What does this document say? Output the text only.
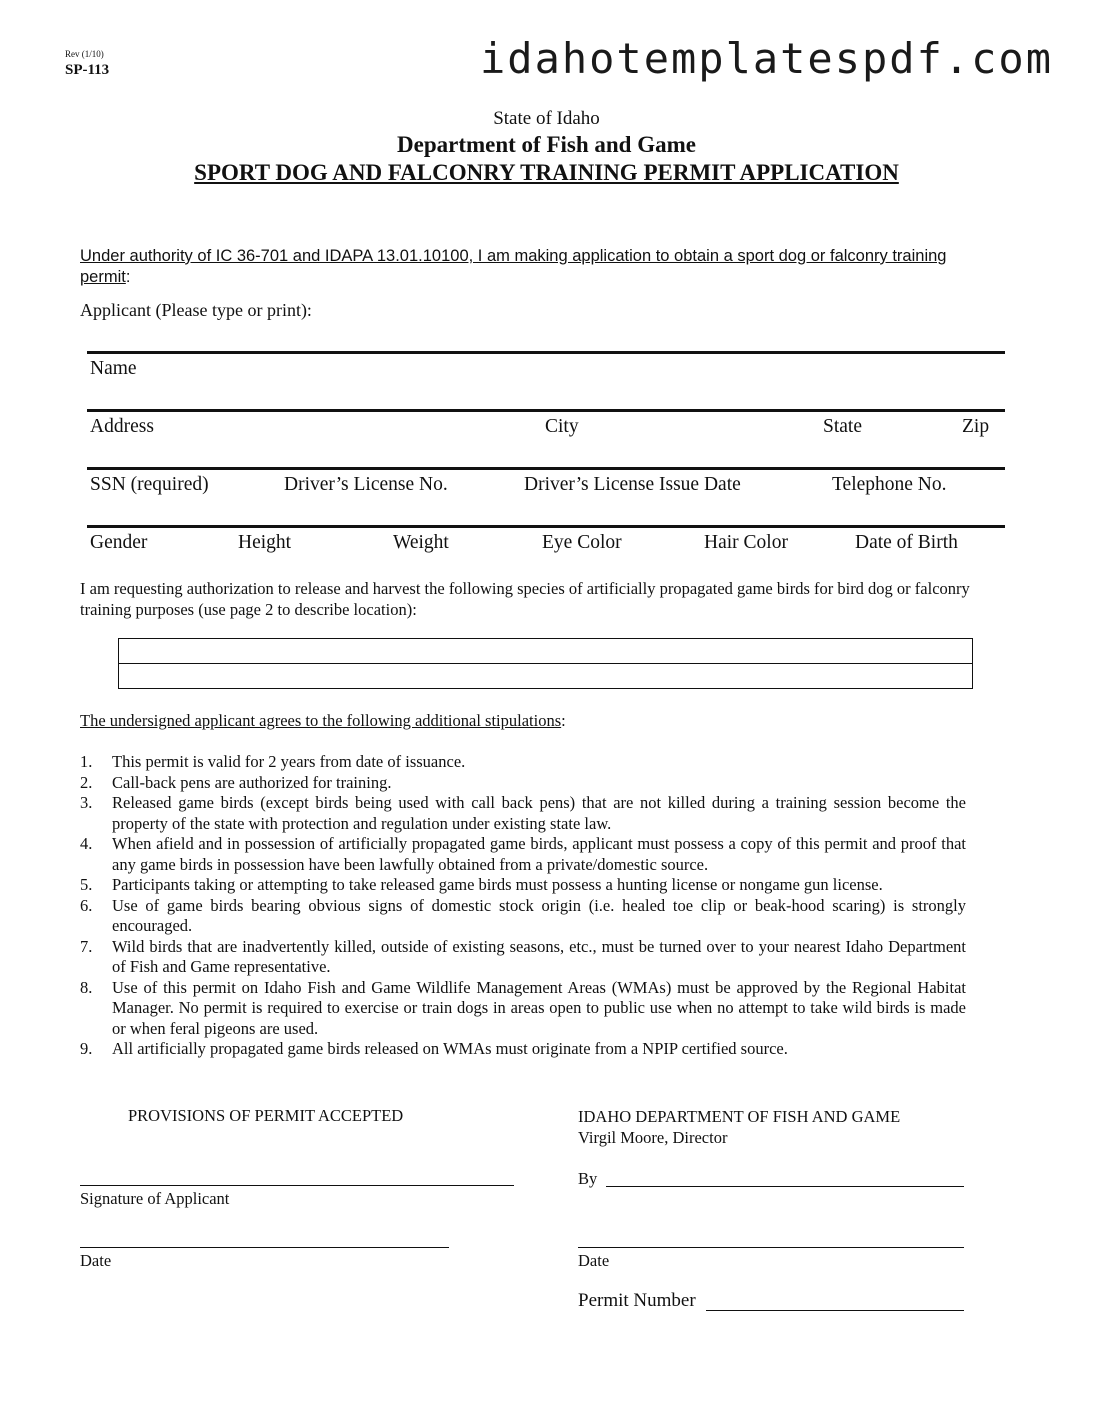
Rev (1/10)
SP-113	idahotemplatespdf.com
State of Idaho
Department of Fish and Game
SPORT DOG AND FALCONRY TRAINING PERMIT APPLICATION
Under authority of IC 36-701 and IDAPA 13.01.10100, I am making application to obtain a sport dog or falconry training permit:
Applicant (Please type or print):
Name
Address	City	State	Zip
SSN (required)	Driver’s License No.	Driver’s License Issue Date	Telephone No.
Gender	Height	Weight	Eye Color	Hair Color	Date of Birth
I am requesting authorization to release and harvest the following species of artificially propagated game birds for bird dog or falconry training purposes (use page 2 to describe location):
The undersigned applicant agrees to the following additional stipulations:
1. This permit is valid for 2 years from date of issuance.
2. Call-back pens are authorized for training.
3. Released game birds (except birds being used with call back pens) that are not killed during a training session become the property of the state with protection and regulation under existing state law.
4. When afield and in possession of artificially propagated game birds, applicant must possess a copy of this permit and proof that any game birds in possession have been lawfully obtained from a private/domestic source.
5. Participants taking or attempting to take released game birds must possess a hunting license or nongame gun license.
6. Use of game birds bearing obvious signs of domestic stock origin (i.e. healed toe clip or beak-hood scaring) is strongly encouraged.
7. Wild birds that are inadvertently killed, outside of existing seasons, etc., must be turned over to your nearest Idaho Department of Fish and Game representative.
8. Use of this permit on Idaho Fish and Game Wildlife Management Areas (WMAs) must be approved by the Regional Habitat Manager. No permit is required to exercise or train dogs in areas open to public use when no attempt to take wild birds is made or when feral pigeons are used.
9. All artificially propagated game birds released on WMAs must originate from a NPIP certified source.
PROVISIONS OF PERMIT ACCEPTED	IDAHO DEPARTMENT OF FISH AND GAME
Virgil Moore, Director
Signature of Applicant
By
Date	Date
Permit Number
